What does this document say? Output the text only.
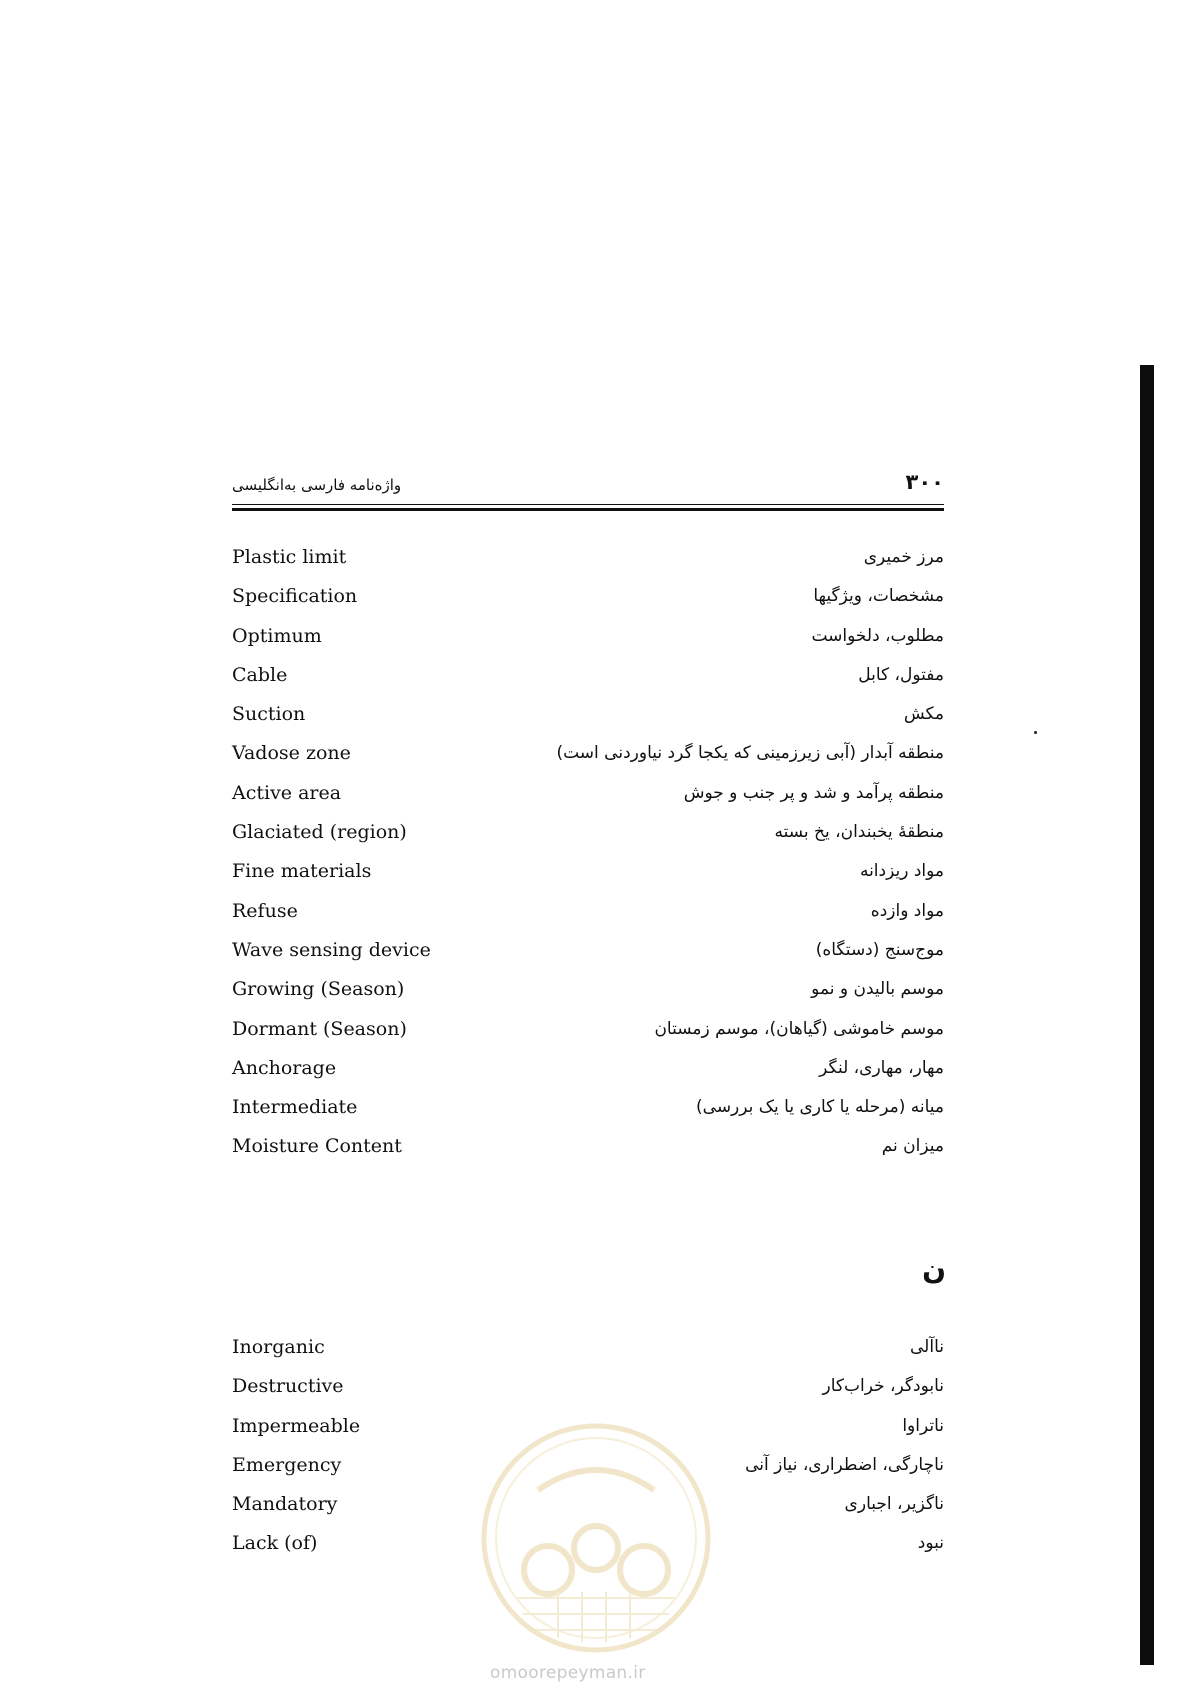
۳۰۰
واژه‌نامه فارسی به‌انگلیسی
Plastic limit	مرز خمیری
Specification	مشخصات، ویژگیها
Optimum	مطلوب، دلخواست
Cable	مفتول، کابل
Suction	مکش
Vadose zone	منطقه آبدار (آبی زیرزمینی که یکجا گرد نیاوردنی است)
Active area	منطقه پرآمد و شد و پر جنب و جوش
Glaciated (region)	منطقهٔ یخبندان، یخ بسته
Fine materials	مواد ریزدانه
Refuse	مواد وازده
Wave sensing device	موج‌سنج (دستگاه)
Growing (Season)	موسم بالیدن و نمو
Dormant (Season)	موسم خاموشی (گیاهان)، موسم زمستان
Anchorage	مهار، مهاری، لنگر
Intermediate	میانه (مرحله یا کاری یا یک بررسی)
Moisture Content	میزان نم
ن
Inorganic	ناآلی
Destructive	نابودگر، خراب‌کار
Impermeable	ناتراوا
Emergency	ناچارگی، اضطراری، نیاز آنی
Mandatory	ناگزیر، اجباری
Lack (of)	نبود
omoorepeyman.ir
